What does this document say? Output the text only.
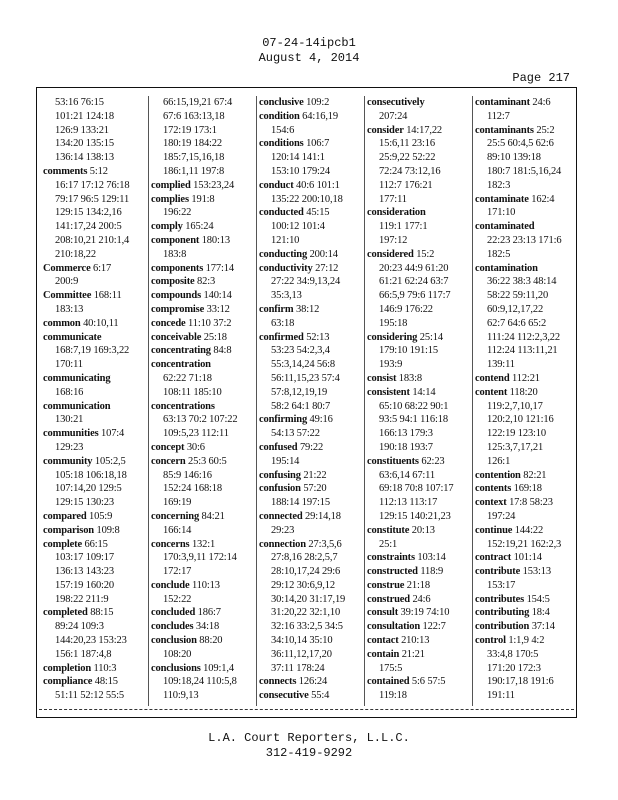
07-24-14ipcb1
August 4, 2014
Page 217
53:16 76:15
101:21 124:18
126:9 133:21
134:20 135:15
136:14 138:13
comments 5:12
16:17 17:12 76:18
79:17 96:5 129:11
129:15 134:2,16
141:17,24 200:5
208:10,21 210:1,4
210:18,22
Commerce 6:17
200:9
Committee 168:11
183:13
common 40:10,11
communicate
168:7,19 169:3,22
170:11
communicating
168:16
communication
130:21
communities 107:4
129:23
community 105:2,5
105:18 106:18,18
107:14,20 129:5
129:15 130:23
compared 105:9
comparison 109:8
complete 66:15
103:17 109:17
136:13 143:23
157:19 160:20
198:22 211:9
completed 88:15
89:24 109:3
144:20,23 153:23
156:1 187:4,8
completion 110:3
compliance 48:15
51:11 52:12 55:5
66:15,19,21 67:4
67:6 163:13,18
172:19 173:1
180:19 184:22
185:7,15,16,18
186:1,11 197:8
complied 153:23,24
complies 191:8
196:22
comply 165:24
component 180:13
183:8
components 177:14
composite 82:3
compounds 140:14
compromise 33:12
concede 11:10 37:2
conceivable 25:18
concentrating 84:8
concentration
62:22 71:18
108:11 185:10
concentrations
63:13 70:2 107:22
109:5,23 112:11
concept 30:6
concern 25:3 60:5
85:9 146:16
152:24 168:18
169:19
concerning 84:21
166:14
concerns 132:1
170:3,9,11 172:14
172:17
conclude 110:13
152:22
concluded 186:7
concludes 34:18
conclusion 88:20
108:20
conclusions 109:1,4
109:18,24 110:5,8
110:9,13
conclusive 109:2
condition 64:16,19
154:6
conditions 106:7
120:14 141:1
153:10 179:24
conduct 40:6 101:1
135:22 200:10,18
conducted 45:15
100:12 101:4
121:10
conducting 200:14
conductivity 27:12
27:22 34:9,13,24
35:3,13
confirm 38:12
63:18
confirmed 52:13
53:23 54:2,3,4
55:3,14,24 56:8
56:11,15,23 57:4
57:8,12,19,19
58:2 64:1 80:7
confirming 49:16
54:13 57:22
confused 79:22
195:14
confusing 21:22
confusion 57:20
188:14 197:15
connected 29:14,18
29:23
connection 27:3,5,6
27:8,16 28:2,5,7
28:10,17,24 29:6
29:12 30:6,9,12
30:14,20 31:17,19
31:20,22 32:1,10
32:16 33:2,5 34:5
34:10,14 35:10
36:11,12,17,20
37:11 178:24
connects 126:24
consecutive 55:4
consecutively
207:24
consider 14:17,22
15:6,11 23:16
25:9,22 52:22
72:24 73:12,16
112:7 176:21
177:11
consideration
119:1 177:1
197:12
considered 15:2
20:23 44:9 61:20
61:21 62:24 63:7
66:5,9 79:6 117:7
146:9 176:22
195:18
considering 25:14
179:10 191:15
193:9
consist 183:8
consistent 14:14
65:10 68:22 90:1
93:5 94:1 116:18
166:13 179:3
190:18 193:7
constituents 62:23
63:6,14 67:11
69:18 70:8 107:17
112:13 113:17
129:15 140:21,23
constitute 20:13
25:1
constraints 103:14
constructed 118:9
construe 21:18
construed 24:6
consult 39:19 74:10
consultation 122:7
contact 210:13
contain 21:21
175:5
contained 5:6 57:5
119:18
contaminant 24:6
112:7
contaminants 25:2
25:5 60:4,5 62:6
89:10 139:18
180:7 181:5,16,24
182:3
contaminate 162:4
171:10
contaminated
22:23 23:13 171:6
182:5
contamination
36:22 38:3 48:14
58:22 59:11,20
60:9,12,17,22
62:7 64:6 65:2
111:24 112:2,3,22
112:24 113:11,21
139:11
contend 112:21
content 118:20
119:2,7,10,17
120:2,10 121:16
122:19 123:10
125:3,7,17,21
126:1
contention 82:21
contents 169:18
context 17:8 58:23
197:24
continue 144:22
152:19,21 162:2,3
contract 101:14
contribute 153:13
153:17
contributes 154:5
contributing 18:4
contribution 37:14
control 1:1,9 4:2
33:4,8 170:5
171:20 172:3
190:17,18 191:6
191:11
L.A. Court Reporters, L.L.C.
312-419-9292
